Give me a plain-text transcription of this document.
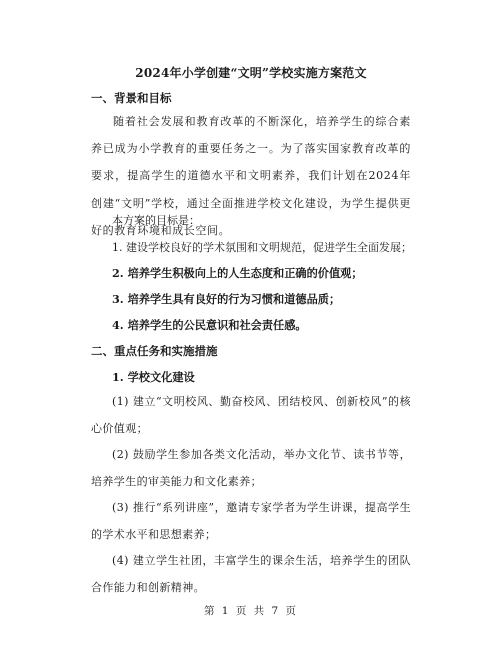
2024年小学创建“文明”学校实施方案范文
一、背景和目标
随着社会发展和教育改革的不断深化，培养学生的综合素养已成为小学教育的重要任务之一。为了落实国家教育改革的要求，提高学生的道德水平和文明素养，我们计划在2024年创建“文明”学校，通过全面推进学校文化建设，为学生提供更好的教育环境和成长空间。
本方案的目标是：
1. 建设学校良好的学术氛围和文明规范，促进学生全面发展；
2. 培养学生积极向上的人生态度和正确的价值观；
3. 培养学生具有良好的行为习惯和道德品质；
4. 培养学生的公民意识和社会责任感。
二、重点任务和实施措施
1. 学校文化建设
(1) 建立“文明校风、勤奋校风、团结校风、创新校风”的核心价值观；
(2) 鼓励学生参加各类文化活动，举办文化节、读书节等，培养学生的审美能力和文化素养；
(3) 推行“系列讲座”，邀请专家学者为学生讲课，提高学生的学术水平和思想素养；
(4) 建立学生社团，丰富学生的课余生活，培养学生的团队合作能力和创新精神。
第 1 页 共 7 页
